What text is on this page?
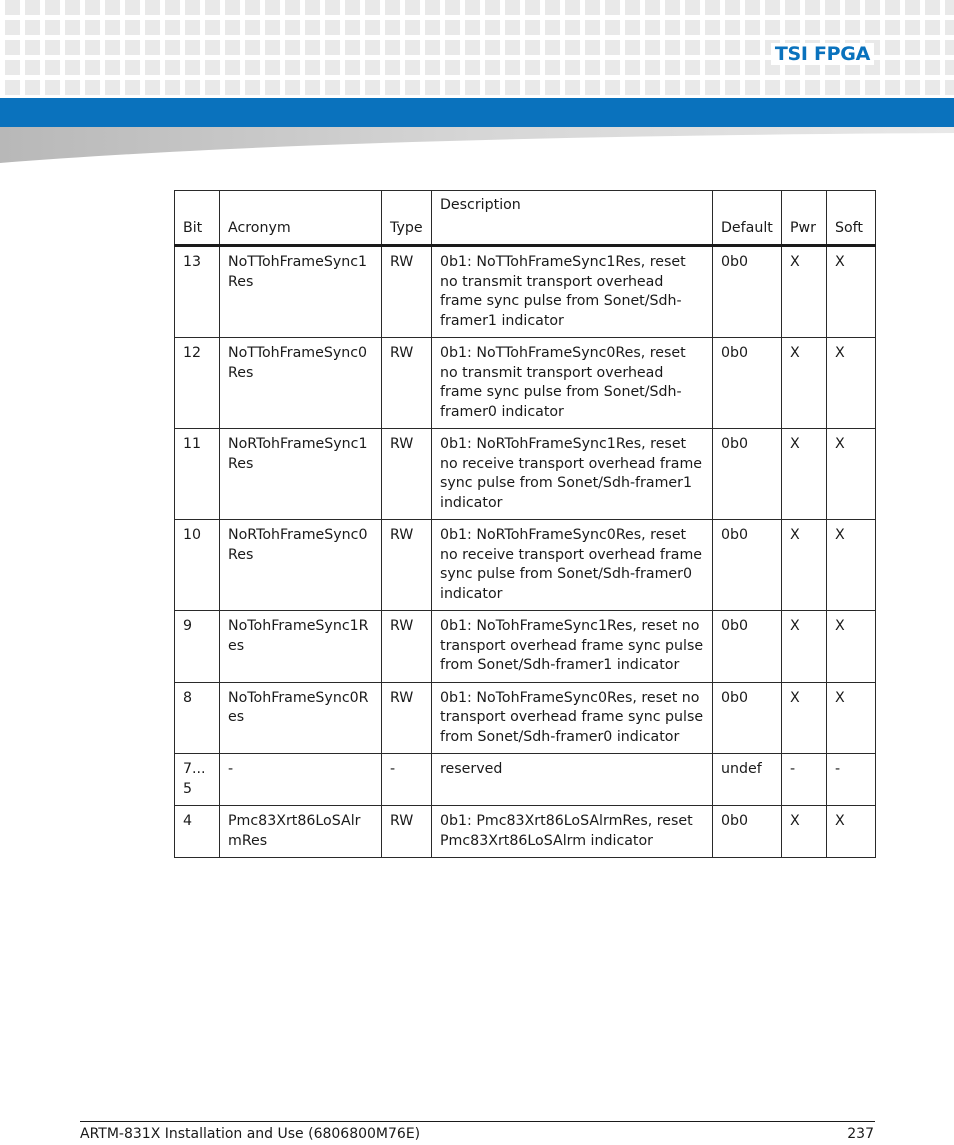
TSI FPGA
Bit	Acronym	Type	Description	Default	Pwr	Soft
13	NoTTohFrameSync1Res	RW	0b1: NoTTohFrameSync1Res, reset no transmit transport overhead frame sync pulse from Sonet/Sdh-framer1 indicator	0b0	X	X
12	NoTTohFrameSync0Res	RW	0b1: NoTTohFrameSync0Res, reset no transmit transport overhead frame sync pulse from Sonet/Sdh-framer0 indicator	0b0	X	X
11	NoRTohFrameSync1Res	RW	0b1: NoRTohFrameSync1Res, reset no receive transport overhead frame sync pulse from Sonet/Sdh-framer1 indicator	0b0	X	X
10	NoRTohFrameSync0Res	RW	0b1: NoRTohFrameSync0Res, reset no receive transport overhead frame sync pulse from Sonet/Sdh-framer0 indicator	0b0	X	X
9	NoTohFrameSync1Res	RW	0b1: NoTohFrameSync1Res, reset no transport overhead frame sync pulse from Sonet/Sdh-framer1 indicator	0b0	X	X
8	NoTohFrameSync0Res	RW	0b1: NoTohFrameSync0Res, reset no transport overhead frame sync pulse from Sonet/Sdh-framer0 indicator	0b0	X	X
7...5	-	-	reserved	undef	-	-
4	Pmc83Xrt86LoSAlrmRes	RW	0b1: Pmc83Xrt86LoSAlrmRes, reset Pmc83Xrt86LoSAlrm indicator	0b0	X	X
ARTM-831X Installation and Use (6806800M76E)	237
